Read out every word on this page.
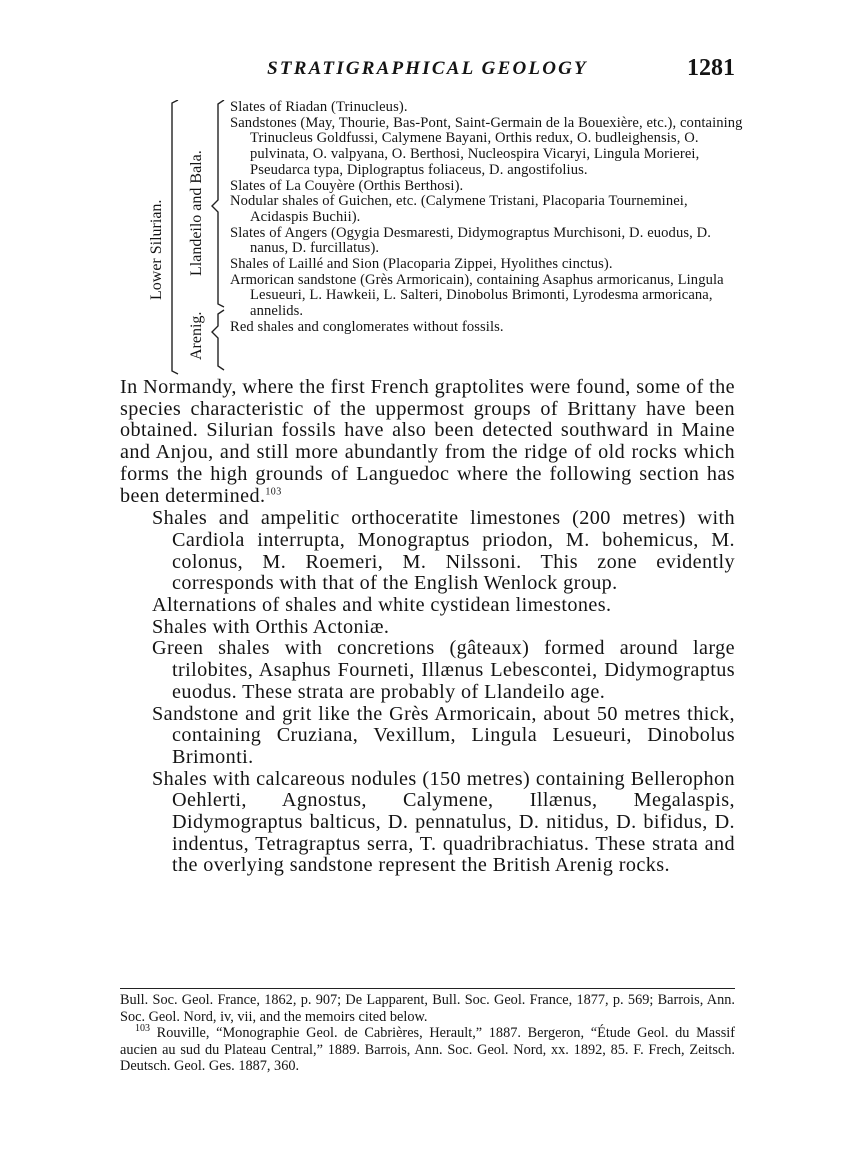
STRATIGRAPHICAL GEOLOGY	1281
Lower Silurian. Llandeilo and Bala.
Arenig.
Slates of Riadan (Trinucleus).
Sandstones (May, Thourie, Bas-Pont, Saint-Germain de la Bouexière, etc.), containing Trinucleus Goldfussi, Calymene Bayani, Orthis redux, O. budleighensis, O. pulvinata, O. valpyana, O. Berthosi, Nucleospira Vicaryi, Lingula Morierei, Pseudarca typa, Diplograptus foliaceus, D. angostifolius.
Slates of La Couyère (Orthis Berthosi).
Nodular shales of Guichen, etc. (Calymene Tristani, Placoparia Tourneminei, Acidaspis Buchii).
Slates of Angers (Ogygia Desmaresti, Didymograptus Murchisoni, D. euodus, D. nanus, D. furcillatus).
Shales of Laillé and Sion (Placoparia Zippei, Hyolithes cinctus).
Armorican sandstone (Grès Armoricain), containing Asaphus armoricanus, Lingula Lesueuri, L. Hawkeii, L. Salteri, Dinobolus Brimonti, Lyrodesma armoricana, annelids.
Red shales and conglomerates without fossils.

In Normandy, where the first French graptolites were found, some of the species characteristic of the uppermost groups of Brittany have been obtained. Silurian fossils have also been detected southward in Maine and Anjou, and still more abundantly from the ridge of old rocks which forms the high grounds of Languedoc where the following section has been determined.$^{103}$

Shales and ampelitic orthoceratite limestones (200 metres) with Cardiola interrupta, Monograptus priodon, M. bohemicus, M. colonus, M. Roemeri, M. Nilssoni. This zone evidently corresponds with that of the English Wenlock group.

Alternations of shales and white cystidean limestones.

Shales with Orthis Actoniæ.

Green shales with concretions (gâteaux) formed around large trilobites, Asaphus Fourneti, Illænus Lebescontei, Didymograptus euodus. These strata are probably of Llandeilo age.

Sandstone and grit like the Grès Armoricain, about 50 metres thick, containing Cruziana, Vexillum, Lingula Lesueuri, Dinobolus Brimonti.

Shales with calcareous nodules (150 metres) containing Bellerophon Oehlerti, Agnostus, Calymene, Illænus, Megalaspis, Didymograptus balticus, D. pennatulus, D. nitidus, D. bifidus, D. indentus, Tetragraptus serra, T. quadribrachiatus. These strata and the overlying sandstone represent the British Arenig rocks.

Bull. Soc. Geol. France, 1862, p. 907; De Lapparent, Bull. Soc. Geol. France, 1877, p. 569; Barrois, Ann. Soc. Geol. Nord, iv, vii, and the memoirs cited below.

$^{103}$ Rouville, “Monographie Geol. de Cabrières, Herault,” 1887. Bergeron, “Étude Geol. du Massif aucien au sud du Plateau Central,” 1889. Barrois, Ann. Soc. Geol. Nord, xx. 1892, 85. F. Frech, Zeitsch. Deutsch. Geol. Ges. 1887, 360.
